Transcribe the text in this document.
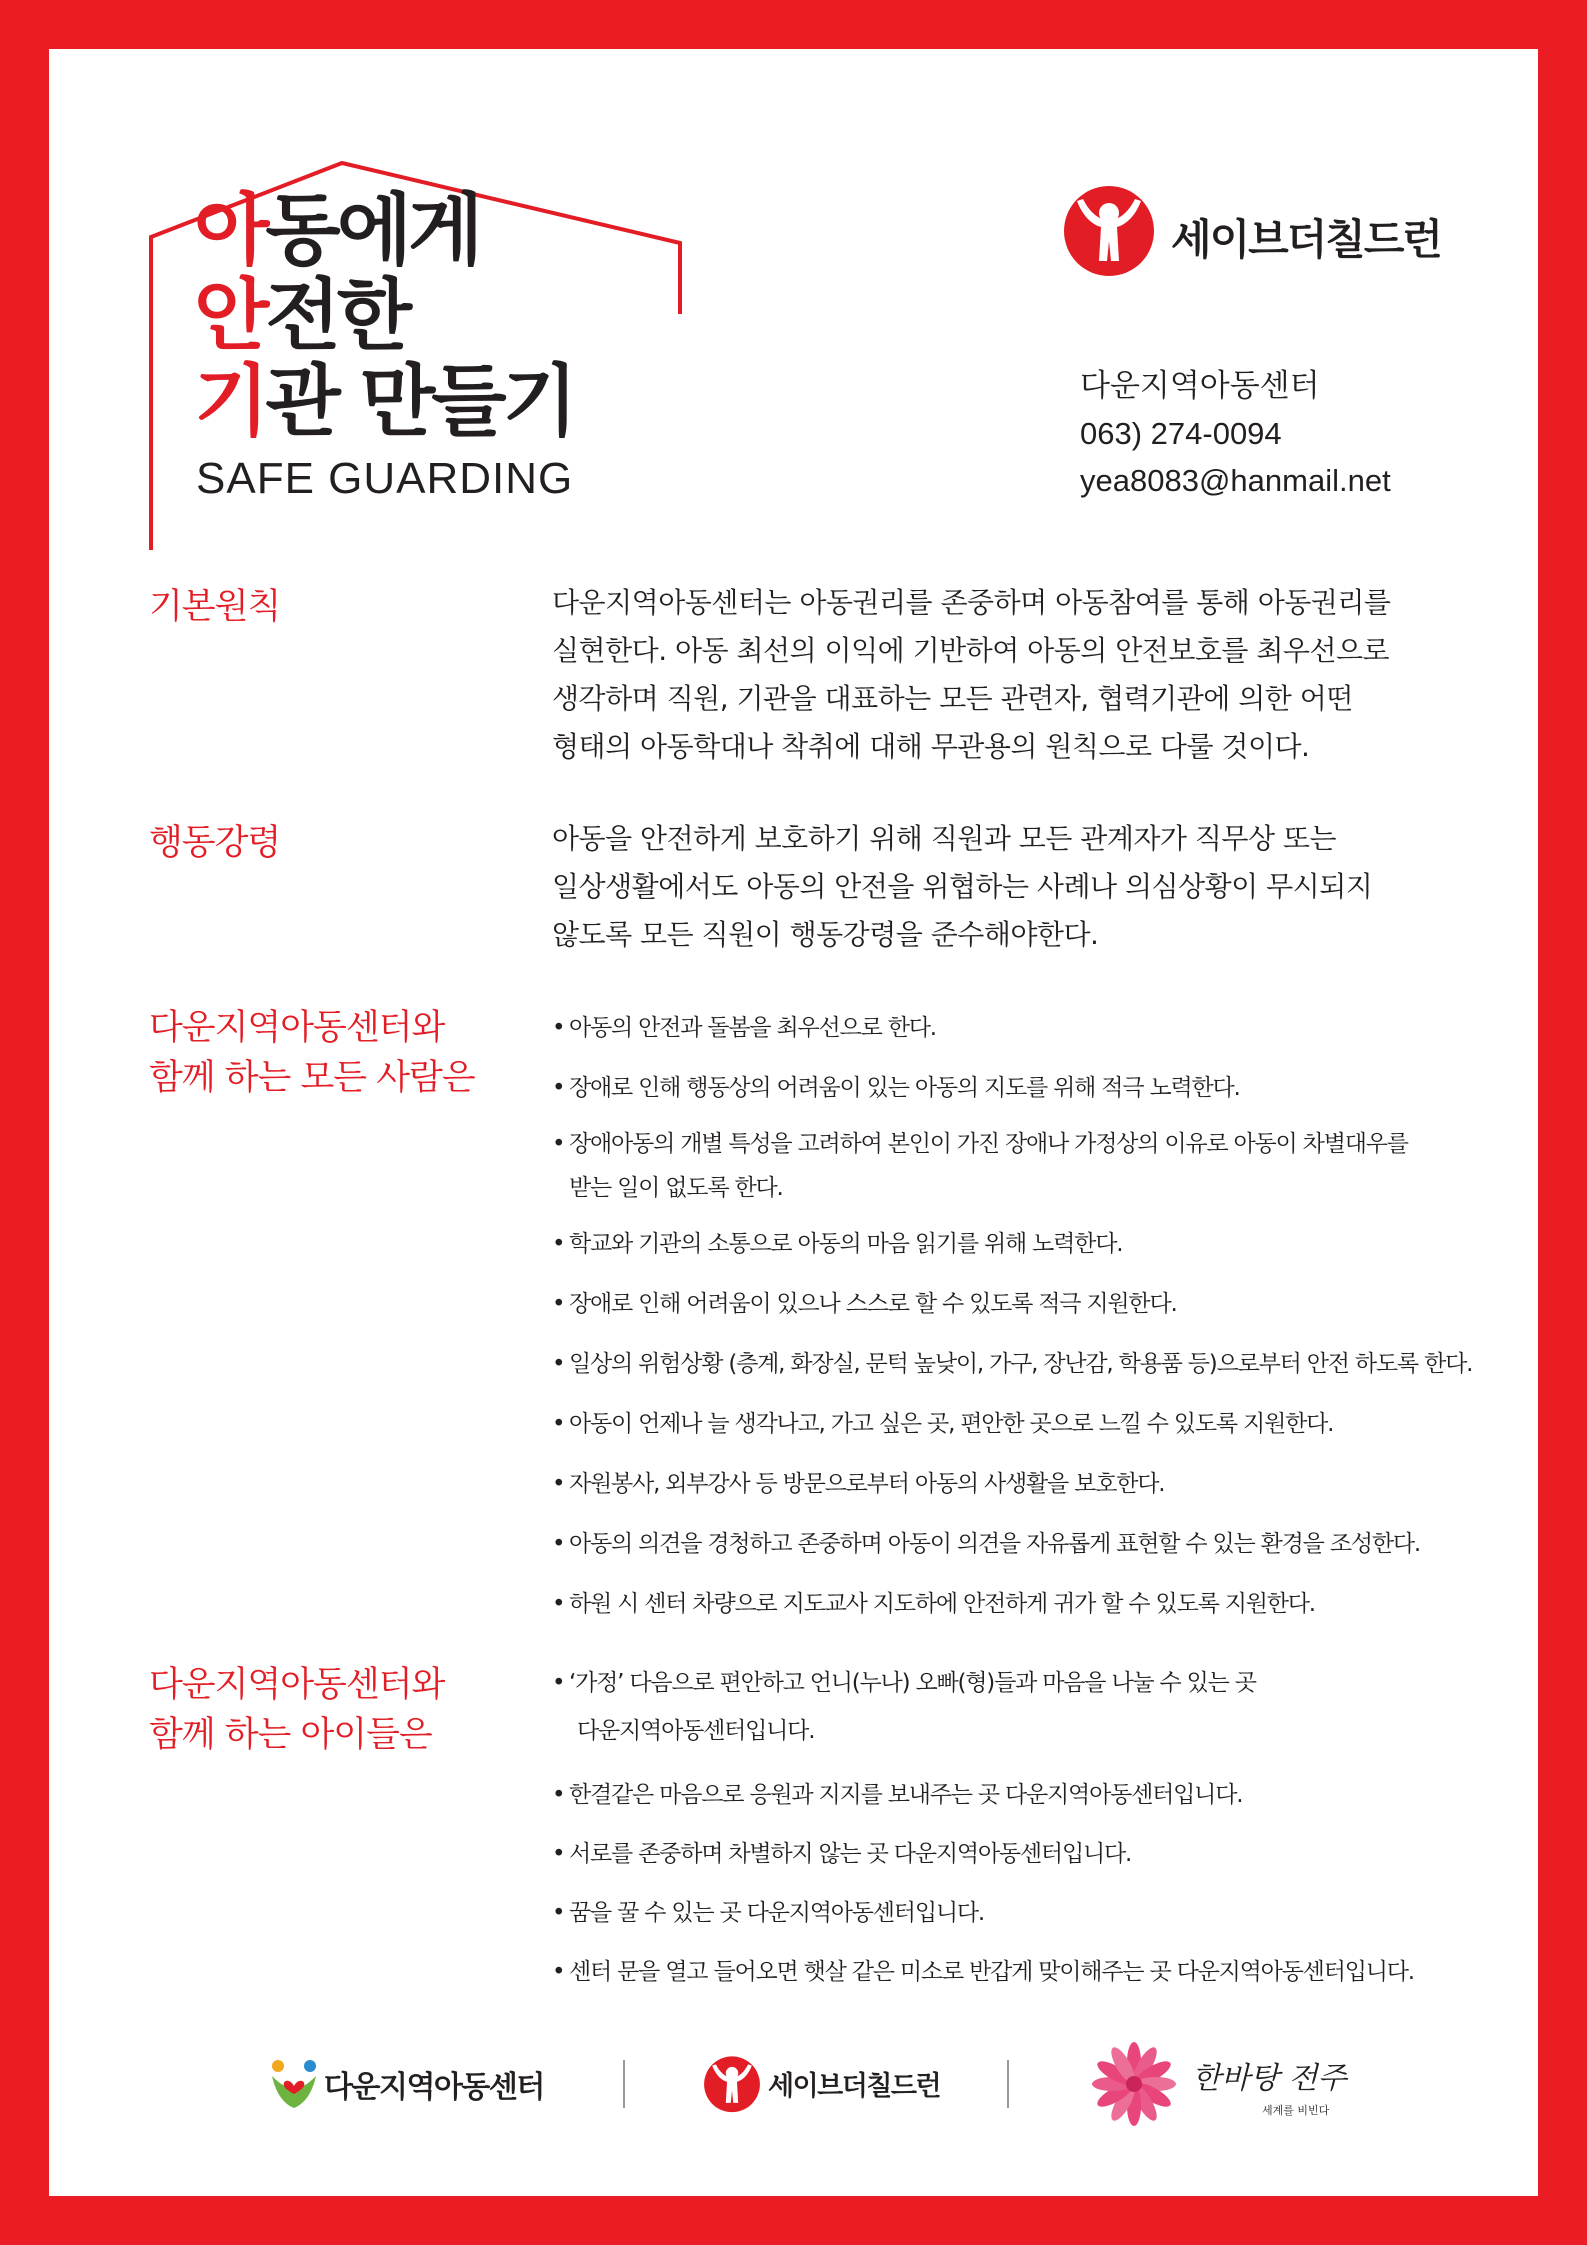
아동에게
안전한
기관 만들기
SAFE GUARDING
세이브더칠드런
다운지역아동센터
063) 274-0094
yea8083@hanmail.net
기본원칙	다운지역아동센터는 아동권리를 존중하며 아동참여를 통해 아동권리를
실현한다. 아동 최선의 이익에 기반하여 아동의 안전보호를 최우선으로
생각하며 직원, 기관을 대표하는 모든 관련자, 협력기관에 의한 어떤
형태의 아동학대나 착취에 대해 무관용의 원칙으로 다룰 것이다.
행동강령	아동을 안전하게 보호하기 위해 직원과 모든 관계자가 직무상 또는
일상생활에서도 아동의 안전을 위협하는 사례나 의심상황이 무시되지
않도록 모든 직원이 행동강령을 준수해야한다.
다운지역아동센터와
함께 하는 모든 사람은
• 아동의 안전과 돌봄을 최우선으로 한다.
• 장애로 인해 행동상의 어려움이 있는 아동의 지도를 위해 적극 노력한다.
• 장애아동의 개별 특성을 고려하여 본인이 가진 장애나 가정상의 이유로 아동이 차별대우를
받는 일이 없도록 한다.
• 학교와 기관의 소통으로 아동의 마음 읽기를 위해 노력한다.
• 장애로 인해 어려움이 있으나 스스로 할 수 있도록 적극 지원한다.
• 일상의 위험상황 (층계, 화장실, 문턱 높낮이, 가구, 장난감, 학용품 등)으로부터 안전 하도록 한다.
• 아동이 언제나 늘 생각나고, 가고 싶은 곳, 편안한 곳으로 느낄 수 있도록 지원한다.
• 자원봉사, 외부강사 등 방문으로부터 아동의 사생활을 보호한다.
• 아동의 의견을 경청하고 존중하며 아동이 의견을 자유롭게 표현할 수 있는 환경을 조성한다.
• 하원 시 센터 차량으로 지도교사 지도하에 안전하게 귀가 할 수 있도록 지원한다.
다운지역아동센터와
함께 하는 아이들은
• ‘가정’ 다음으로 편안하고 언니(누나) 오빠(형)들과 마음을 나눌 수 있는 곳
다운지역아동센터입니다.
• 한결같은 마음으로 응원과 지지를 보내주는 곳 다운지역아동센터입니다.
• 서로를 존중하며 차별하지 않는 곳 다운지역아동센터입니다.
• 꿈을 꿀 수 있는 곳 다운지역아동센터입니다.
• 센터 문을 열고 들어오면 햇살 같은 미소로 반갑게 맞이해주는 곳 다운지역아동센터입니다.
다운지역아동센터	세이브더칠드런	한바탕 전주
세계를 비빈다
